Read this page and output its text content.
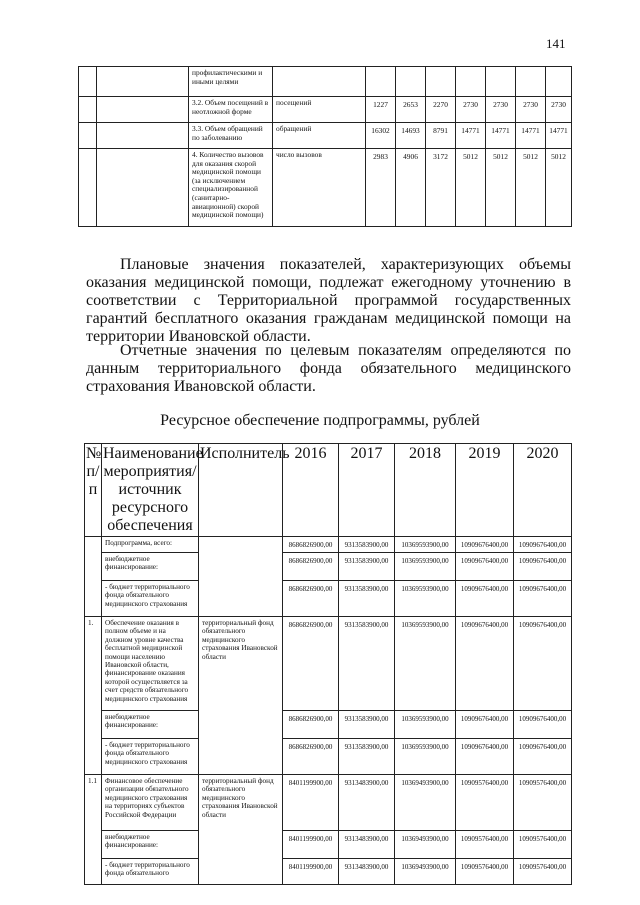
141
		профилактическими и иными целями								
		3.2. Объем посещений в неотложной форме	посещений	1227	2653	2270	2730	2730	2730	2730
		3.3. Объем обращений по заболеванию	обращений	16302	14693	8791	14771	14771	14771	14771
		4. Количество вызовов для оказания скорой медицинской помощи (за исключением специализированной (санитарно-авиационной) скорой медицинской помощи)	число вызовов	2983	4906	3172	5012	5012	5012	5012

Плановые значения показателей, характеризующих объемы оказания медицинской помощи, подлежат ежегодному уточнению в соответствии с Территориальной программой государственных гарантий бесплатного оказания гражданам медицинской помощи на территории Ивановской области.

Отчетные значения по целевым показателям определяются по данным территориального фонда обязательного медицинского страхования Ивановской области.

Ресурсное обеспечение подпрограммы, рублей
№ п/п	Наименование мероприятия/источник ресурсного обеспечения	Исполнитель	2016	2017	2018	2019	2020
	Подпрограмма, всего:		8686826900,00	9313583900,00	10369593900,00	10909676400,00	10909676400,00
	внебюджетное финансирование:		8686826900,00	9313583900,00	10369593900,00	10909676400,00	10909676400,00
	- бюджет территориального фонда обязательного медицинского страхования		8686826900,00	9313583900,00	10369593900,00	10909676400,00	10909676400,00
1.	Обеспечение оказания в полном объеме и на должном уровне качества бесплатной медицинской помощи населению Ивановской области, финансирование оказания которой осуществляется за счет средств обязательного медицинского страхования	территориальный фонд обязательного медицинского страхования Ивановской области	8686826900,00	9313583900,00	10369593900,00	10909676400,00	10909676400,00
	внебюджетное финансирование:		8686826900,00	9313583900,00	10369593900,00	10909676400,00	10909676400,00
	- бюджет территориального фонда обязательного медицинского страхования		8686826900,00	9313583900,00	10369593900,00	10909676400,00	10909676400,00
1.1	Финансовое обеспечение организации обязательного медицинского страхования на территориях субъектов Российской Федерации	территориальный фонд обязательного медицинского страхования Ивановской области	8401199900,00	9313483900,00	10369493900,00	10909576400,00	10909576400,00
	внебюджетное финансирование:		8401199900,00	9313483900,00	10369493900,00	10909576400,00	10909576400,00
	- бюджет территориального фонда обязательного		8401199900,00	9313483900,00	10369493900,00	10909576400,00	10909576400,00
